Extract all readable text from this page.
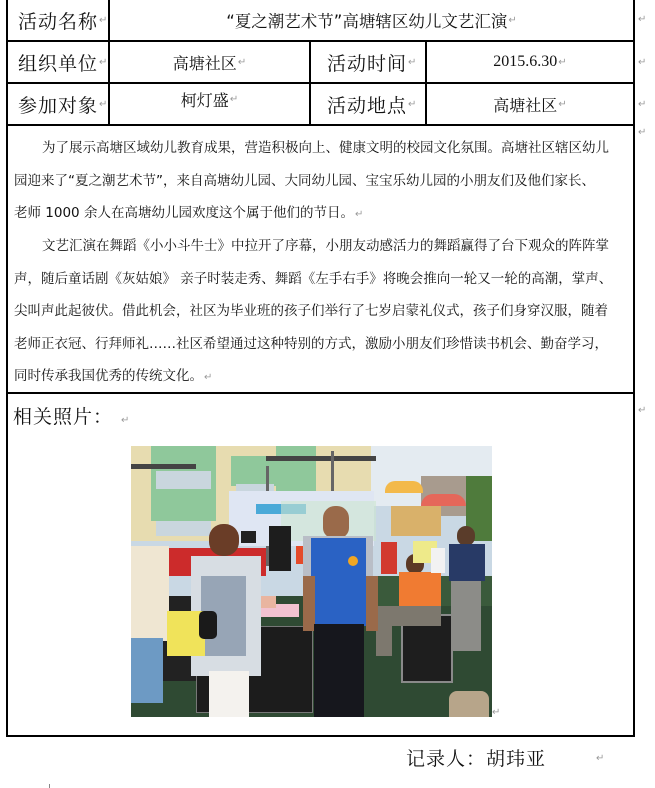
活动名称 ↵	“夏之潮艺术节”高塘辖区幼儿文艺汇演 ↵	↵
组织单位 ↵	高塘社区 ↵	活动时间 ↵	2015.6.30 ↵	↵
参加对象 ↵	柯灯盛 ↵	活动地点 ↵	高塘社区 ↵	↵
为了展示高塘区域幼儿教育成果，营造积极向上、健康文明的校园文化氛围。高塘社区辖区幼儿
园迎来了“夏之潮艺术节”，来自高塘幼儿园、大同幼儿园、宝宝乐幼儿园的小朋友们及他们家长、
老师 1000 余人在高塘幼儿园欢度这个属于他们的节日。↵
↵
文艺汇演在舞蹈《小小斗牛士》中拉开了序幕，小朋友动感活力的舞蹈赢得了台下观众的阵阵掌
声，随后童话剧《灰姑娘》 亲子时装走秀、舞蹈《左手右手》将晚会推向一轮又一轮的高潮，掌声、
尖叫声此起彼伏。借此机会，社区为毕业班的孩子们举行了七岁启蒙礼仪式，孩子们身穿汉服，随着
老师正衣冠、行拜师礼……社区希望通过这种特别的方式，激励小朋友们珍惜读书机会、勤奋学习，
同时传承我国优秀的传统文化。↵
相关照片： ↵
↵
↵
记录人：胡玮亚	↵
